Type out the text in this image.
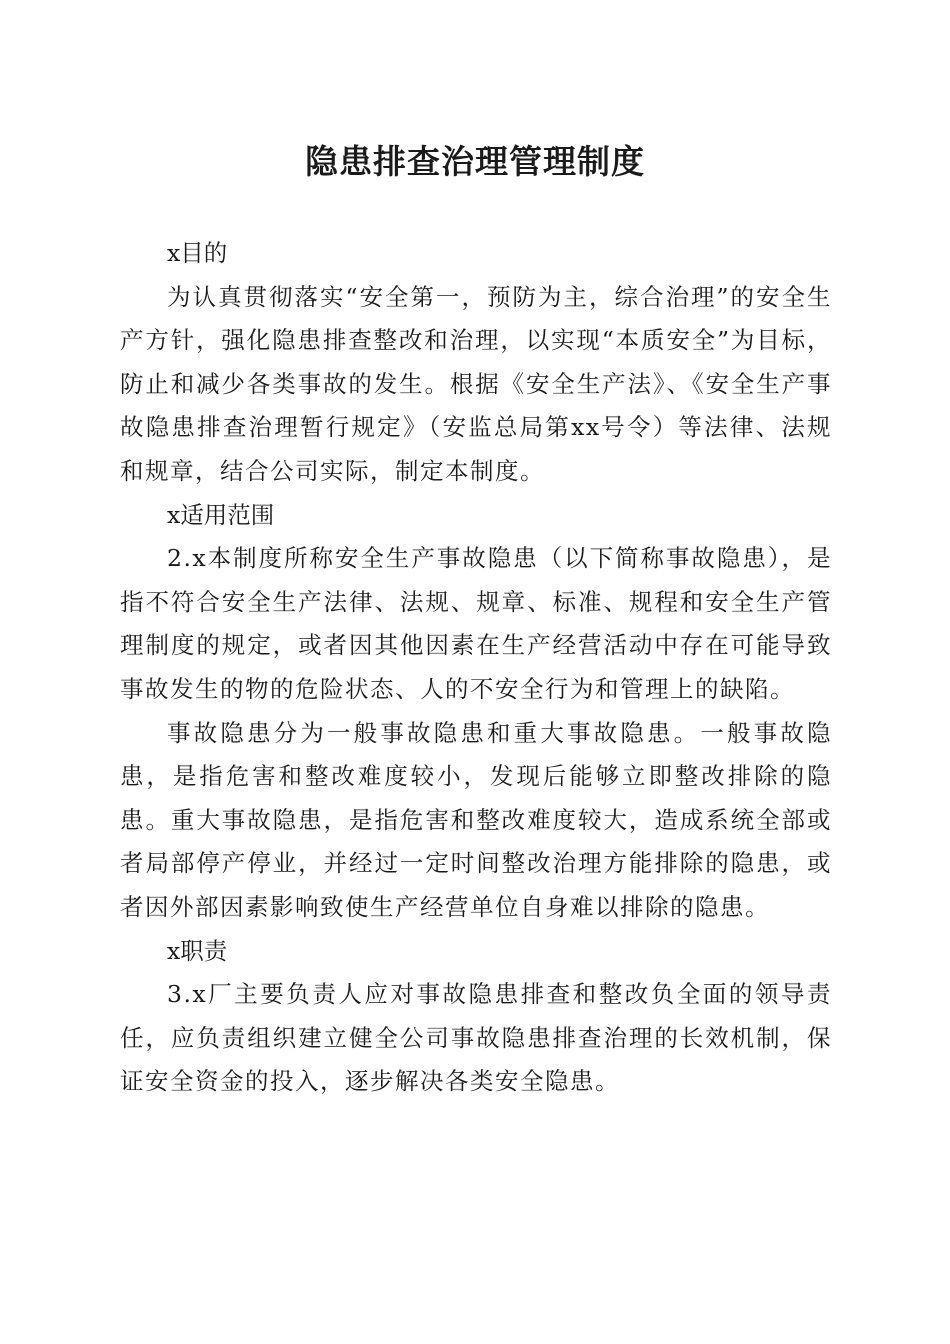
隐患排查治理管理制度

x目的

为认真贯彻落实“安全第一，预防为主，综合治理”的安全生产方针，强化隐患排查整改和治理，以实现“本质安全”为目标，防止和减少各类事故的发生。根据《安全生产法》、《安全生产事故隐患排查治理暂行规定》（安监总局第xx号令）等法律、法规和规章，结合公司实际，制定本制度。

x适用范围

2.x本制度所称安全生产事故隐患（以下简称事故隐患），是指不符合安全生产法律、法规、规章、标准、规程和安全生产管理制度的规定，或者因其他因素在生产经营活动中存在可能导致事故发生的物的危险状态、人的不安全行为和管理上的缺陷。

事故隐患分为一般事故隐患和重大事故隐患。一般事故隐患，是指危害和整改难度较小，发现后能够立即整改排除的隐患。重大事故隐患，是指危害和整改难度较大，造成系统全部或者局部停产停业，并经过一定时间整改治理方能排除的隐患，或者因外部因素影响致使生产经营单位自身难以排除的隐患。

x职责

3.x厂主要负责人应对事故隐患排查和整改负全面的领导责任，应负责组织建立健全公司事故隐患排查治理的长效机制，保证安全资金的投入，逐步解决各类安全隐患。
